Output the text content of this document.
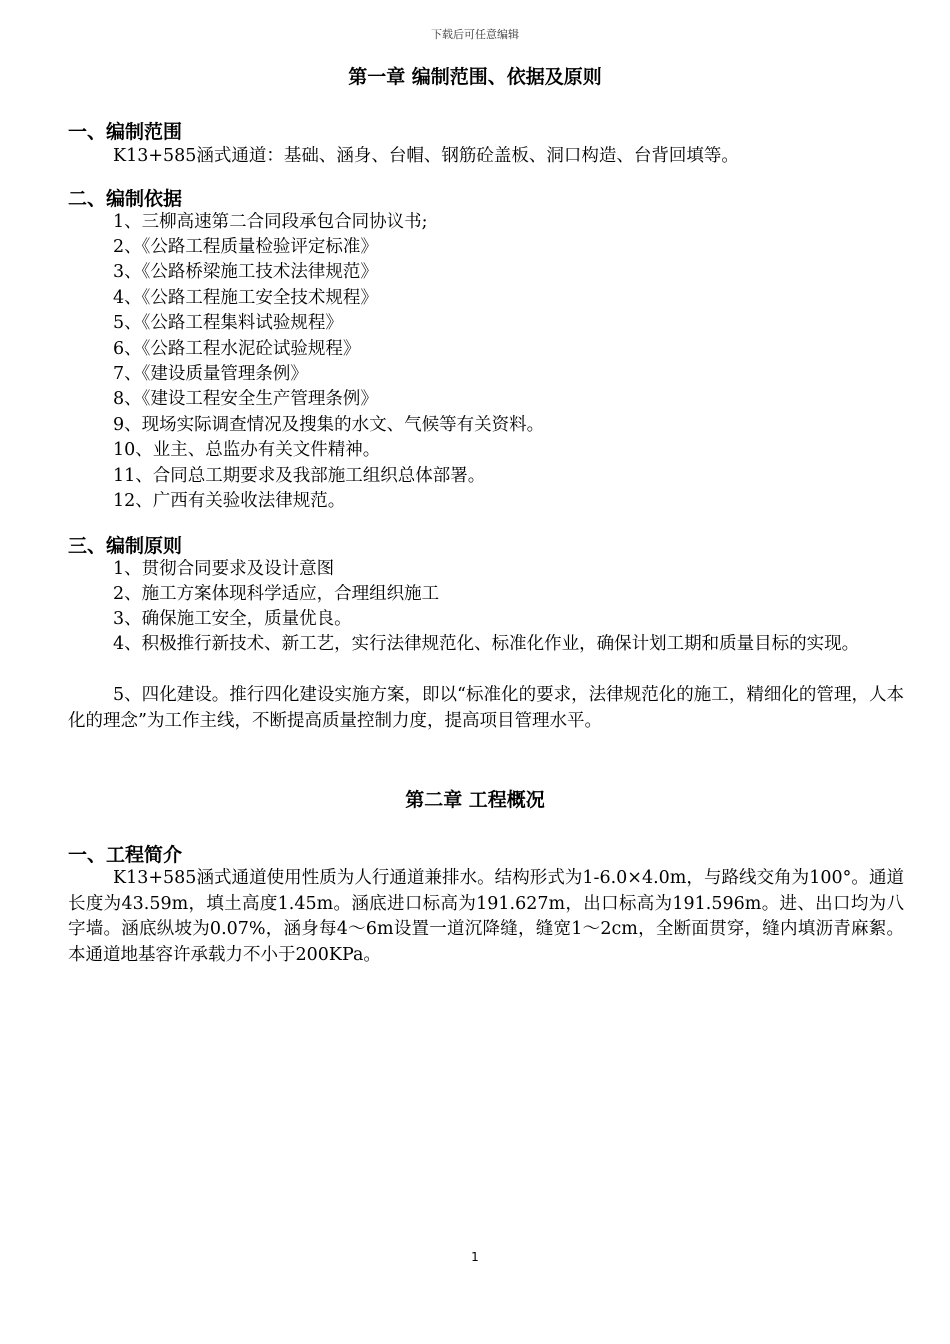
下载后可任意编辑
第一章 编制范围、依据及原则
一、编制范围
K13+585涵式通道：基础、涵身、台帽、钢筋砼盖板、洞口构造、台背回填等。
二、编制依据
1、三柳高速第二合同段承包合同协议书;
2、《公路工程质量检验评定标准》
3、《公路桥梁施工技术法律规范》
4、《公路工程施工安全技术规程》
5、《公路工程集料试验规程》
6、《公路工程水泥砼试验规程》
7、《建设质量管理条例》
8、《建设工程安全生产管理条例》
9、现场实际调查情况及搜集的水文、气候等有关资料。
10、业主、总监办有关文件精神。
11、合同总工期要求及我部施工组织总体部署。
12、广西有关验收法律规范。
三、编制原则
1、贯彻合同要求及设计意图
2、施工方案体现科学适应，合理组织施工
3、确保施工安全，质量优良。
4、积极推行新技术、新工艺，实行法律规范化、标准化作业，确保计划工期和质量目标的实现。
5、四化建设。推行四化建设实施方案，即以“标准化的要求，法律规范化的施工，精细化的管理，人本化的理念”为工作主线，不断提高质量控制力度，提高项目管理水平。
第二章 工程概况
一、工程简介
K13+585涵式通道使用性质为人行通道兼排水。结构形式为1-6.0×4.0m，与路线交角为100°。通道长度为43.59m，填土高度1.45m。涵底进口标高为191.627m，出口标高为191.596m。进、出口均为八字墙。涵底纵坡为0.07%，涵身每4～6m设置一道沉降缝，缝宽1～2cm，全断面贯穿，缝内填沥青麻絮。本通道地基容许承载力不小于200KPa。
1
